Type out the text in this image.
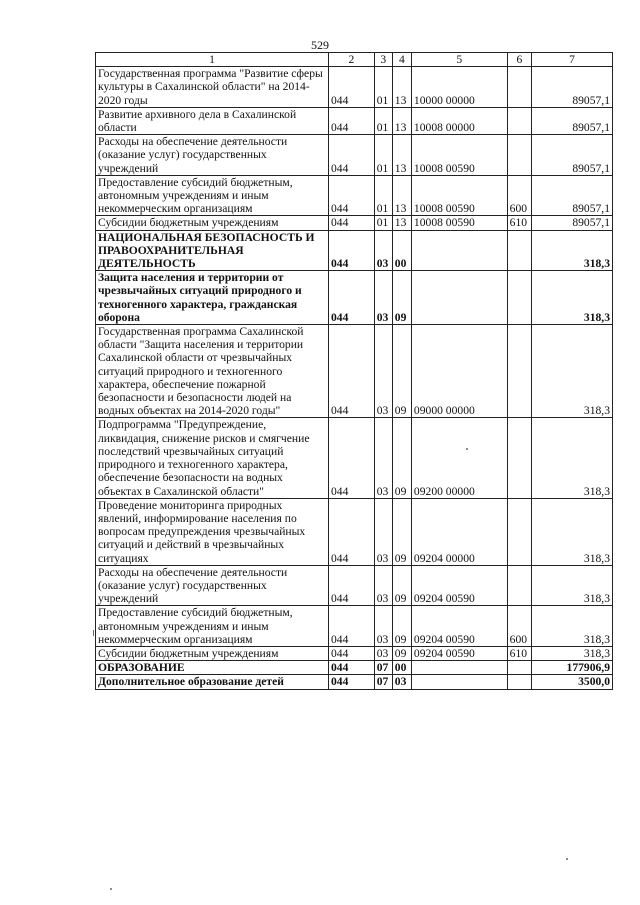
529
1	2	3	4	5	6	7
Государственная программа "Развитие сферы культуры в Сахалинской области" на 2014-2020 годы	044	01	13	10000 00000		89057,1
Развитие архивного дела в Сахалинской области	044	01	13	10008 00000		89057,1
Расходы на обеспечение деятельности (оказание услуг) государственных учреждений	044	01	13	10008 00590		89057,1
Предоставление субсидий бюджетным, автономным учреждениям и иным некоммерческим организациям	044	01	13	10008 00590	600	89057,1
Субсидии бюджетным учреждениям	044	01	13	10008 00590	610	89057,1
НАЦИОНАЛЬНАЯ БЕЗОПАСНОСТЬ И ПРАВООХРАНИТЕЛЬНАЯ ДЕЯТЕЛЬНОСТЬ	044	03	00			318,3
Защита населения и территории от чрезвычайных ситуаций природного и техногенного характера, гражданская оборона	044	03	09			318,3
Государственная программа Сахалинской области "Защита населения и территории Сахалинской области от чрезвычайных ситуаций природного и техногенного характера, обеспечение пожарной безопасности и безопасности людей на водных объектах на 2014-2020 годы"	044	03	09	09000 00000		318,3
Подпрограмма "Предупреждение, ликвидация, снижение рисков и смягчение последствий чрезвычайных ситуаций природного и техногенного характера, обеспечение безопасности на водных объектах в Сахалинской области"	044	03	09	09200 00000		318,3
Проведение мониторинга природных явлений, информирование населения по вопросам предупреждения чрезвычайных ситуаций и действий в чрезвычайных ситуациях	044	03	09	09204 00000		318,3
Расходы на обеспечение деятельности (оказание услуг) государственных учреждений	044	03	09	09204 00590		318,3
Предоставление субсидий бюджетным, автономным учреждениям и иным некоммерческим организациям	044	03	09	09204 00590	600	318,3
Субсидии бюджетным учреждениям	044	03	09	09204 00590	610	318,3
ОБРАЗОВАНИЕ	044	07	00			177906,9
Дополнительное образование детей	044	07	03			3500,0
